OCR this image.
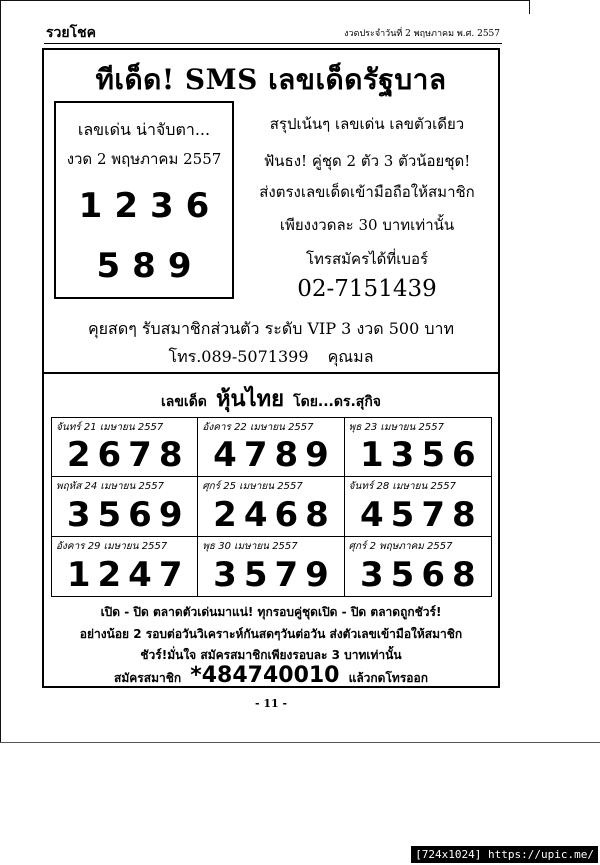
รวยโชค	งวดประจำวันที่ 2 พฤษภาคม พ.ศ. 2557
ทีเด็ด! SMS เลขเด็ดรัฐบาล
เลขเด่น น่าจับตา...
งวด 2 พฤษภาคม 2557
1236
589
สรุปเน้นๆ เลขเด่น เลขตัวเดียว
ฟันธง! คู่ชุด 2 ตัว 3 ตัวน้อยชุด!
ส่งตรงเลขเด็ดเข้ามือถือให้สมาชิก
เพียงงวดละ 30 บาทเท่านั้น
โทรสมัครได้ที่เบอร์
02-7151439
คุยสดๆ รับสมาชิกส่วนตัว ระดับ VIP 3 งวด 500 บาท
โทร.089-5071399 คุณมล
เลขเด็ด หุ้นไทย โดย...ดร.สุกิจ
จันทร์ 21 เมษายน 2557
2678
อังคาร 22 เมษายน 2557
4789
พุธ 23 เมษายน 2557
1356
พฤหัส 24 เมษายน 2557
3569
ศุกร์ 25 เมษายน 2557
2468
จันทร์ 28 เมษายน 2557
4578
อังคาร 29 เมษายน 2557
1247
พุธ 30 เมษายน 2557
3579
ศุกร์ 2 พฤษภาคม 2557
3568
เปิด - ปิด ตลาดตัวเด่นมาแน่! ทุกรอบคู่ชุดเปิด - ปิด ตลาดถูกชัวร์!
อย่างน้อย 2 รอบต่อวันวิเคราะห์กันสดๆวันต่อวัน ส่งตัวเลขเข้ามือให้สมาชิก
ชัวร์!มั่นใจ สมัครสมาชิกเพียงรอบละ 3 บาทเท่านั้น
สมัครสมาชิก *484740010 แล้วกดโทรออก
- 11 -
[724x1024] https://upic.me/
